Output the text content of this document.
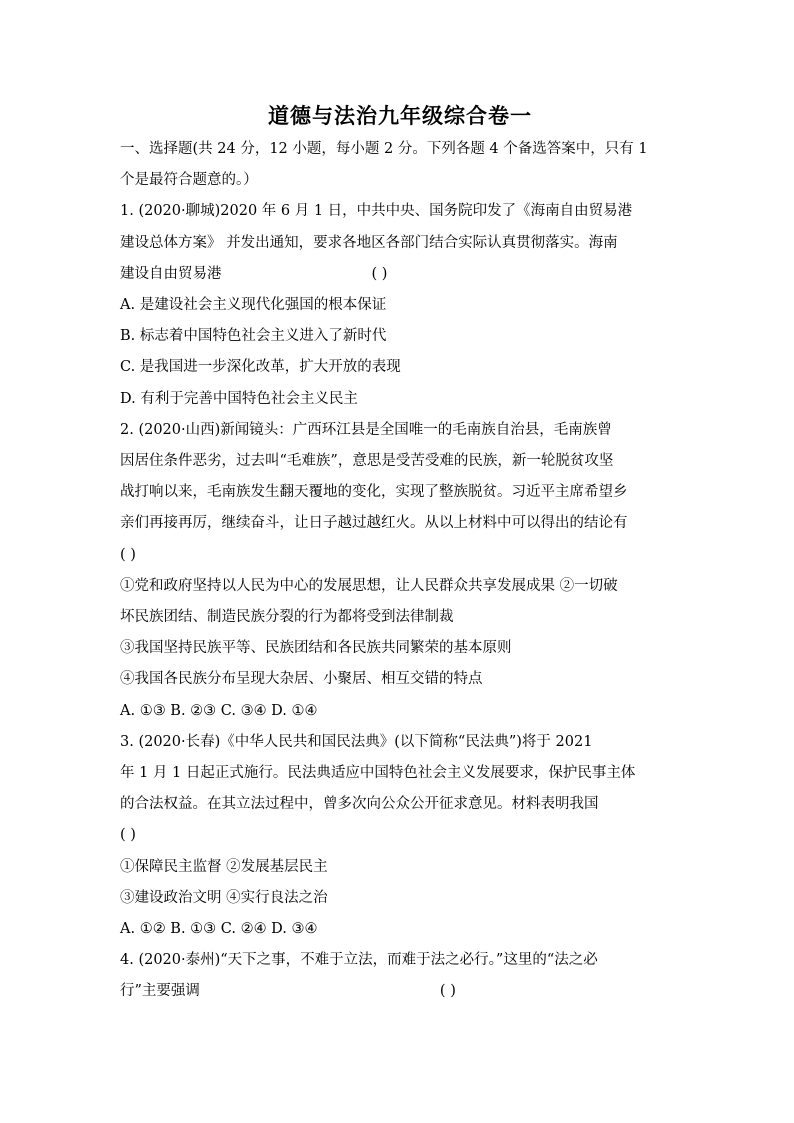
道德与法治九年级综合卷一
一、选择题(共 24 分，12 小题，每小题 2 分。下列各题 4 个备选答案中，只有 1
个是最符合题意的。）
1. (2020·聊城)2020 年 6 月 1 日，中共中央、国务院印发了《海南自由贸易港
建设总体方案》 并发出通知，要求各地区各部门结合实际认真贯彻落实。海南
建设自由贸易港	( )
A. 是建设社会主义现代化强国的根本保证
B. 标志着中国特色社会主义进入了新时代
C. 是我国进一步深化改革，扩大开放的表现
D. 有利于完善中国特色社会主义民主
2. (2020·山西)新闻镜头：广西环江县是全国唯一的毛南族自治县，毛南族曾
因居住条件恶劣，过去叫“毛难族”，意思是受苦受难的民族，新一轮脱贫攻坚
战打响以来，毛南族发生翻天覆地的变化，实现了整族脱贫。习近平主席希望乡
亲们再接再厉，继续奋斗，让日子越过越红火。从以上材料中可以得出的结论有
( )
①党和政府坚持以人民为中心的发展思想，让人民群众共享发展成果 ②一切破
坏民族团结、制造民族分裂的行为都将受到法律制裁
③我国坚持民族平等、民族团结和各民族共同繁荣的基本原则
④我国各民族分布呈现大杂居、小聚居、相互交错的特点
A. ①③ B. ②③ C. ③④ D. ①④
3. (2020·长春)《中华人民共和国民法典》(以下简称“民法典”)将于 2021
年 1 月 1 日起正式施行。民法典适应中国特色社会主义发展要求，保护民事主体
的合法权益。在其立法过程中，曾多次向公众公开征求意见。材料表明我国
( )
①保障民主监督 ②发展基层民主
③建设政治文明 ④实行良法之治
A. ①② B. ①③ C. ②④ D. ③④
4. (2020·泰州)“天下之事，不难于立法，而难于法之必行。”这里的“法之必
行”主要强调	( )
